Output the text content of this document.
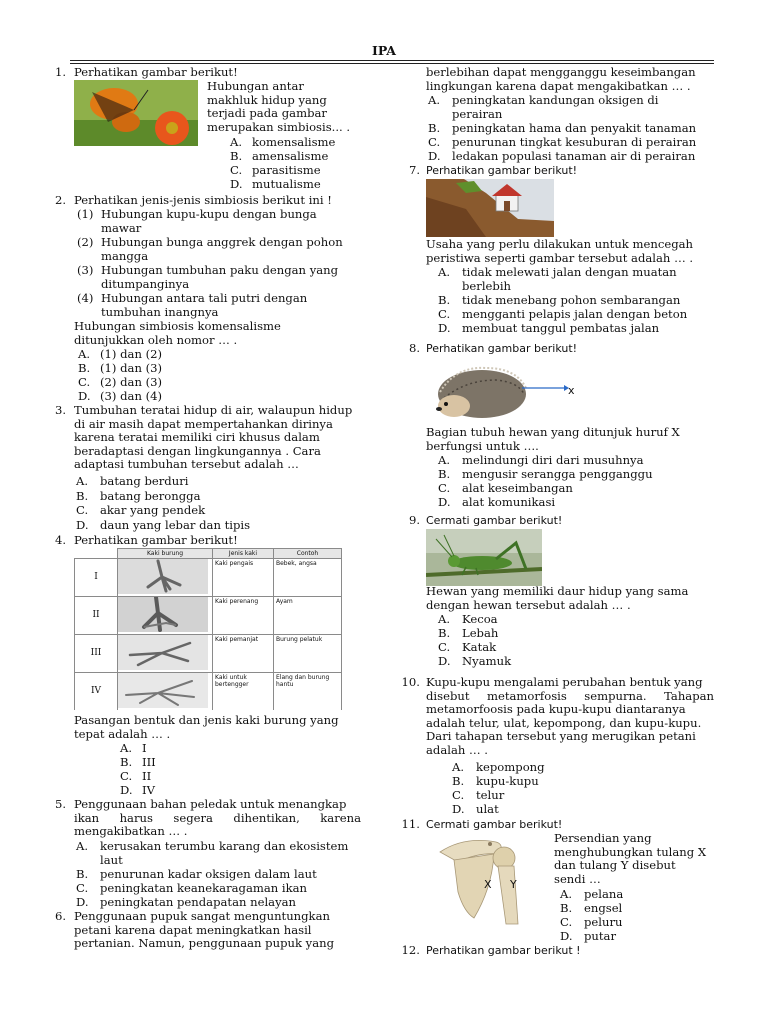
IPA
1. Perhatikan gambar berikut!
Hubungan antar
makhluk hidup yang
terjadi pada gambar
merupakan simbiosis... .
A. komensalisme
B. amensalisme
C. parasitisme
D. mutualisme
2. Perhatikan jenis-jenis simbiosis berikut ini !
(1) Hubungan kupu-kupu dengan bunga
mawar
(2) Hubungan bunga anggrek dengan pohon
mangga
(3) Hubungan tumbuhan paku dengan yang
ditumpanginya
(4) Hubungan antara tali putri dengan
tumbuhan inangnya
Hubungan simbiosis komensalisme
ditunjukkan oleh nomor … .
A. (1) dan (2)
B. (1) dan (3)
C. (2) dan (3)
D. (3) dan (4)
3. Tumbuhan teratai hidup di air, walaupun hidup
di air masih dapat mempertahankan dirinya
karena teratai memiliki ciri khusus dalam
beradaptasi dengan lingkungannya . Cara
adaptasi tumbuhan tersebut adalah …
A.	batang berduri
B.	batang berongga
C.	akar yang pendek
D. daun yang lebar dan tipis
4. Perhatikan gambar berikut!
	Kaki burung	Jenis kaki	Contoh
I		Kaki pengais	Bebek, angsa
II		Kaki perenang	Ayam
III		Kaki pemanjat	Burung pelatuk
IV		Kaki untuk bertengger	Elang dan burung hantu
Pasangan bentuk dan jenis kaki burung yang
tepat adalah … .
A. I
B. III
C. II
D. IV
5. Penggunaan bahan peledak untuk menangkap
ikan harus segera dihentikan, karena
mengakibatkan … .
A.	kerusakan terumbu karang dan ekosistem
laut
B.	penurunan kadar oksigen dalam laut
C.	peningkatan keanekaragaman ikan
D. peningkatan pendapatan nelayan
6. Penggunaan pupuk sangat menguntungkan
petani karena dapat meningkatkan hasil
pertanian. Namun, penggunaan pupuk yang
berlebihan dapat mengganggu keseimbangan
lingkungan karena dapat mengakibatkan … .
A.	peningkatan kandungan oksigen di
perairan
B.	peningkatan hama dan penyakit tanaman
C.	penurunan tingkat kesuburan di perairan
D. ledakan populasi tanaman air di perairan
7. Perhatikan gambar berikut!
Usaha yang perlu dilakukan untuk mencegah
peristiwa seperti gambar tersebut adalah … .
A.	tidak melewati jalan dengan muatan
berlebih
B.	tidak menebang pohon sembarangan
C.	mengganti pelapis jalan dengan beton
D. membuat tanggul pembatas jalan
8. Perhatikan gambar berikut!
x
Bagian tubuh hewan yang ditunjuk huruf X
berfungsi untuk ….
A.	melindungi diri dari musuhnya
B.	mengusir serangga pengganggu
C.	alat keseimbangan
D. alat komunikasi
9. Cermati gambar berikut!
Hewan yang memiliki daur hidup yang sama
dengan hewan tersebut adalah … .
A.	Kecoa
B.	Lebah
C.	Katak
D. Nyamuk
10. Kupu-kupu mengalami perubahan bentuk yang
disebut metamorfosis sempurna. Tahapan
metamorfoosis pada kupu-kupu diantaranya
adalah telur, ulat, kepompong, dan kupu-kupu.
Dari tahapan tersebut yang merugikan petani
adalah … .
A.	kepompong
B.	kupu-kupu
C.	telur
D. ulat
11. Cermati gambar berikut!
X Y
Persendian yang
menghubungkan tulang X
dan tulang Y disebut
sendi …
A.	pelana
B.	engsel
C.	peluru
D. putar
12. Perhatikan gambar berikut !
